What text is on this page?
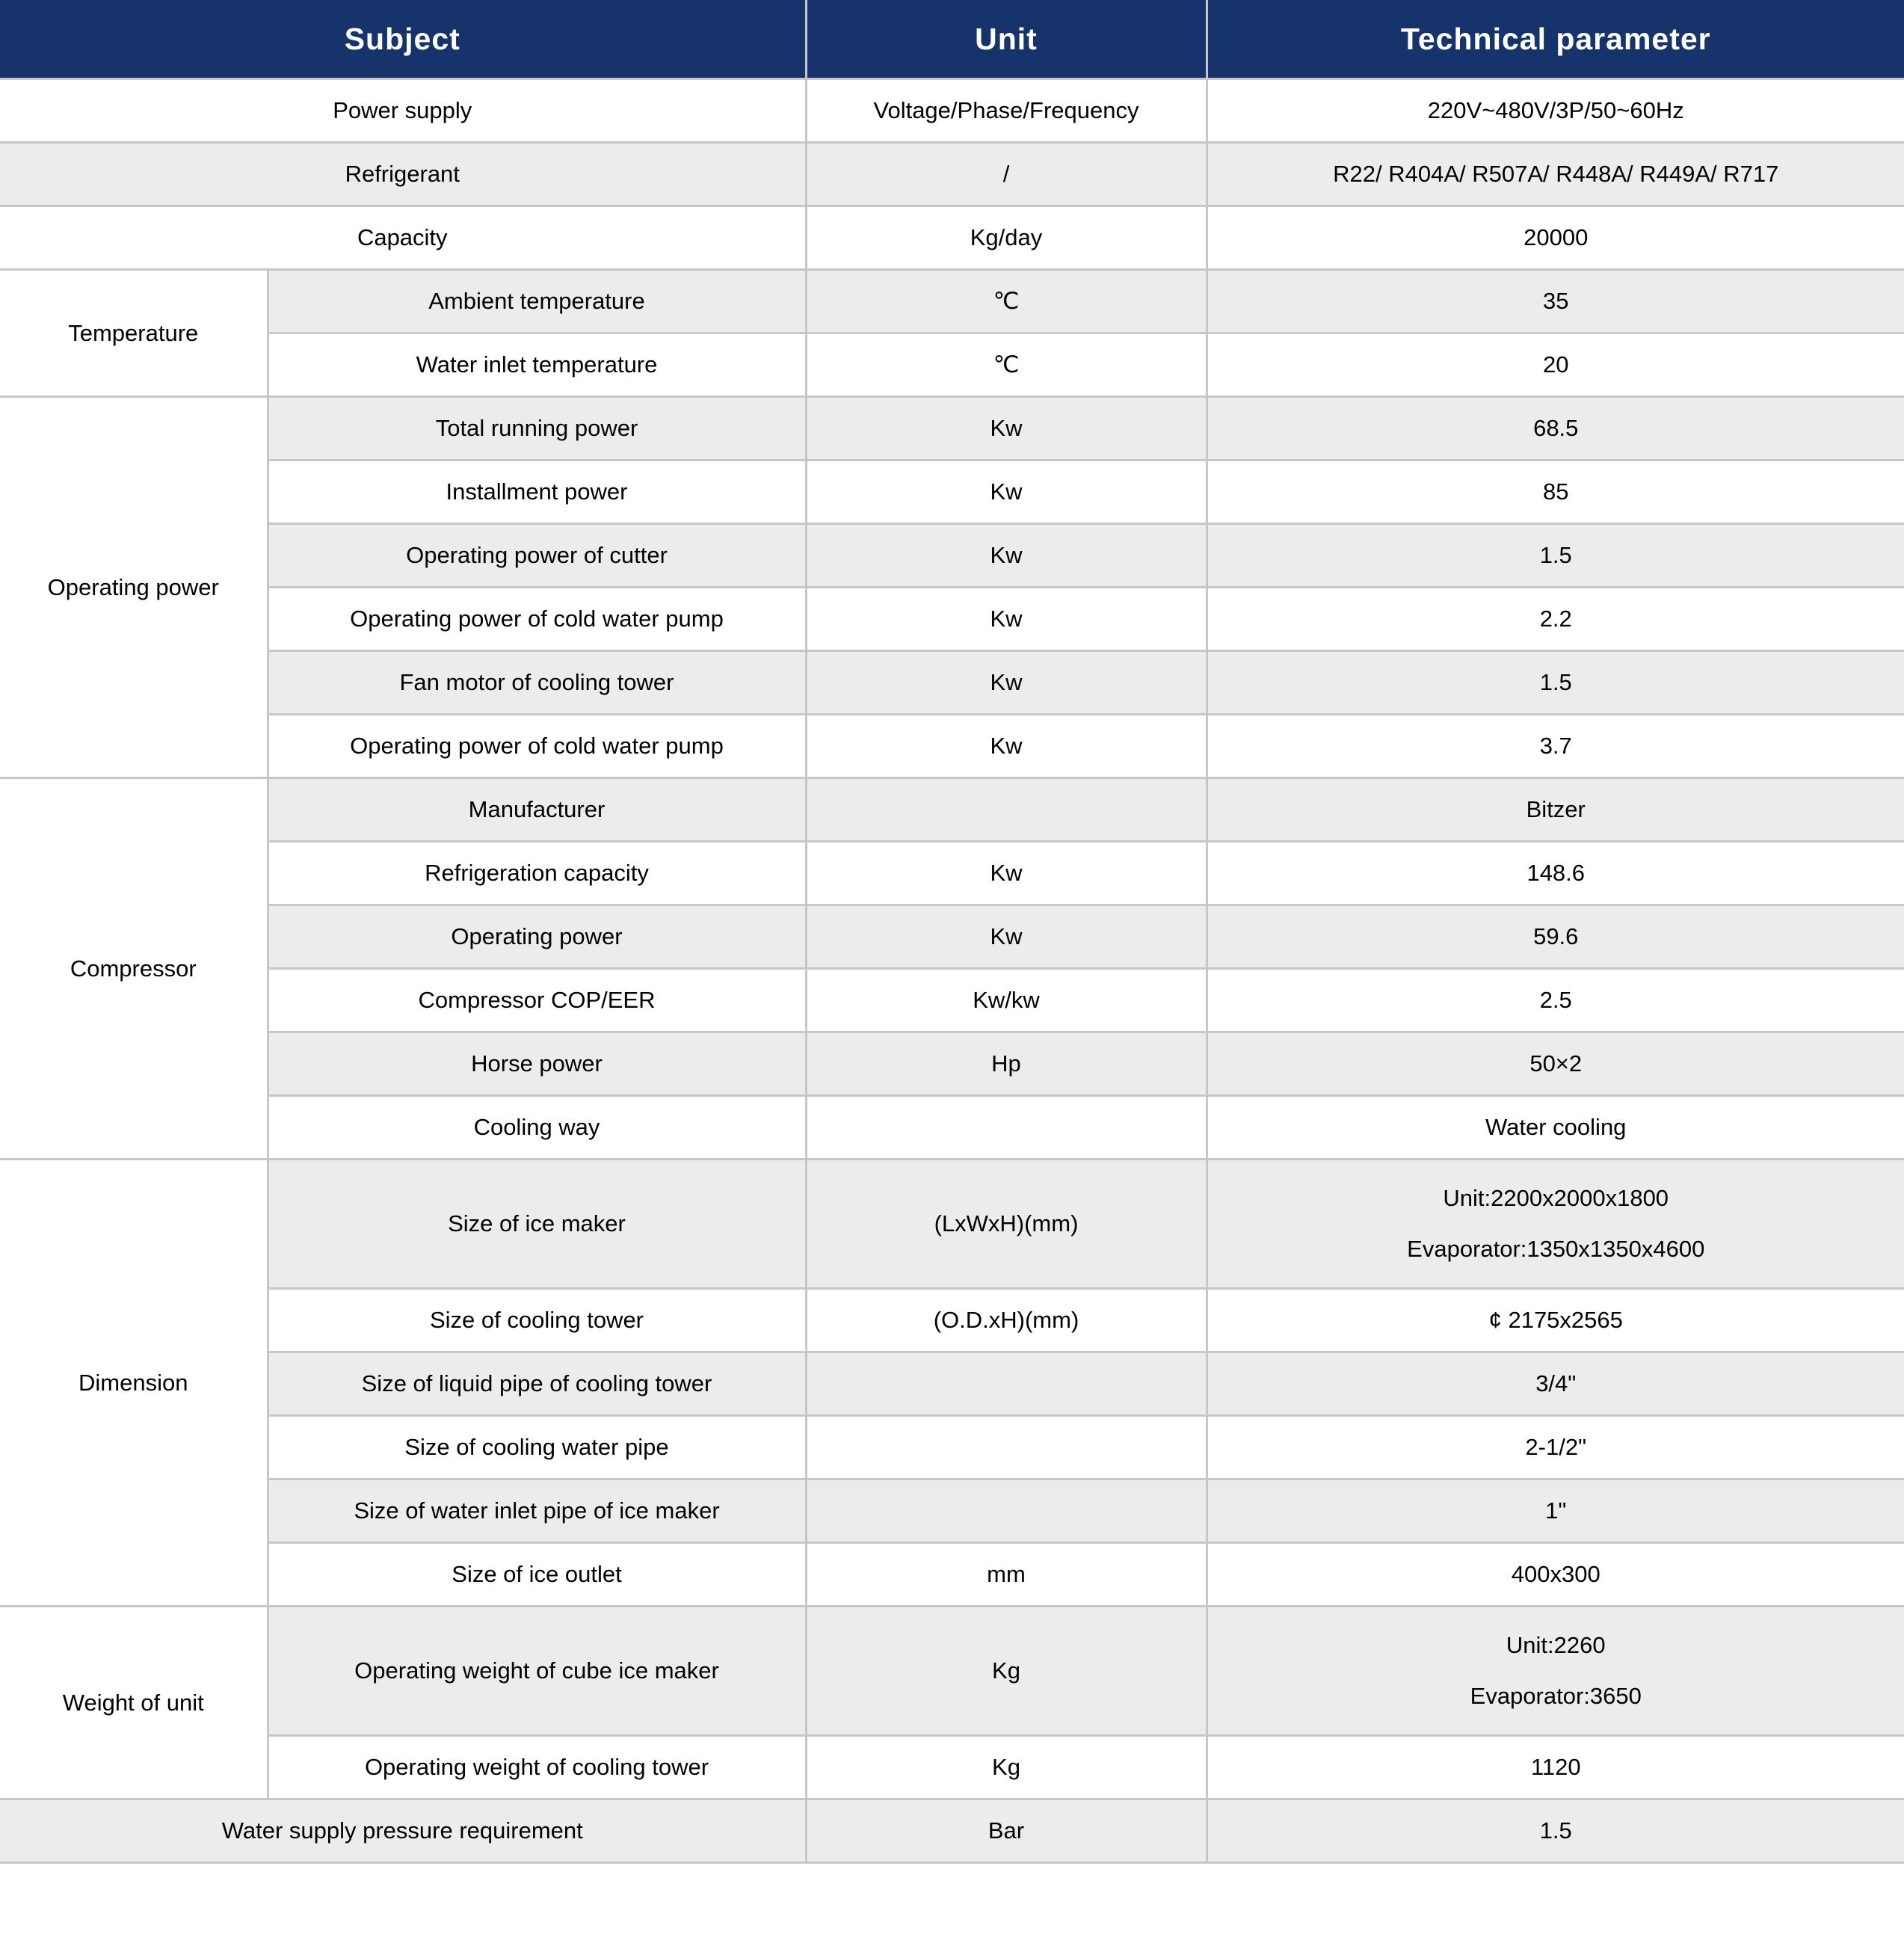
Subject		Unit	Technical parameter
Power supply		Voltage/Phase/Frequency	220V~480V/3P/50~60Hz
Refrigerant		/	R22/ R404A/ R507A/ R448A/ R449A/ R717
Capacity		Kg/day	20000
Temperature	Ambient temperature	℃	35
	Water inlet temperature	℃	20
Operating power	Total running power	Kw	68.5
	Installment power	Kw	85
	Operating power of cutter	Kw	1.5
	Operating power of cold water pump	Kw	2.2
	Fan motor of cooling tower	Kw	1.5
	Operating power of cold water pump	Kw	3.7
Compressor	Manufacturer		Bitzer
	Refrigeration capacity	Kw	148.6
	Operating power	Kw	59.6
	Compressor COP/EER	Kw/kw	2.5
	Horse power	Hp	50×2
	Cooling way		Water cooling
Dimension	Size of ice maker	(LxWxH)(mm)	Unit:2200x2000x1800
Evaporator:1350x1350x4600

	Size of cooling tower	(O.D.xH)(mm)	¢ 2175x2565
	Size of liquid pipe of cooling tower		3/4"
	Size of cooling water pipe		2-1/2"
	Size of water inlet pipe of ice maker		1"
	Size of ice outlet	mm	400x300
Weight of unit	Operating weight of cube ice maker	Kg	Unit:2260
Evaporator:3650

	Operating weight of cooling tower	Kg	1120
Water supply pressure requirement		Bar	1.5
